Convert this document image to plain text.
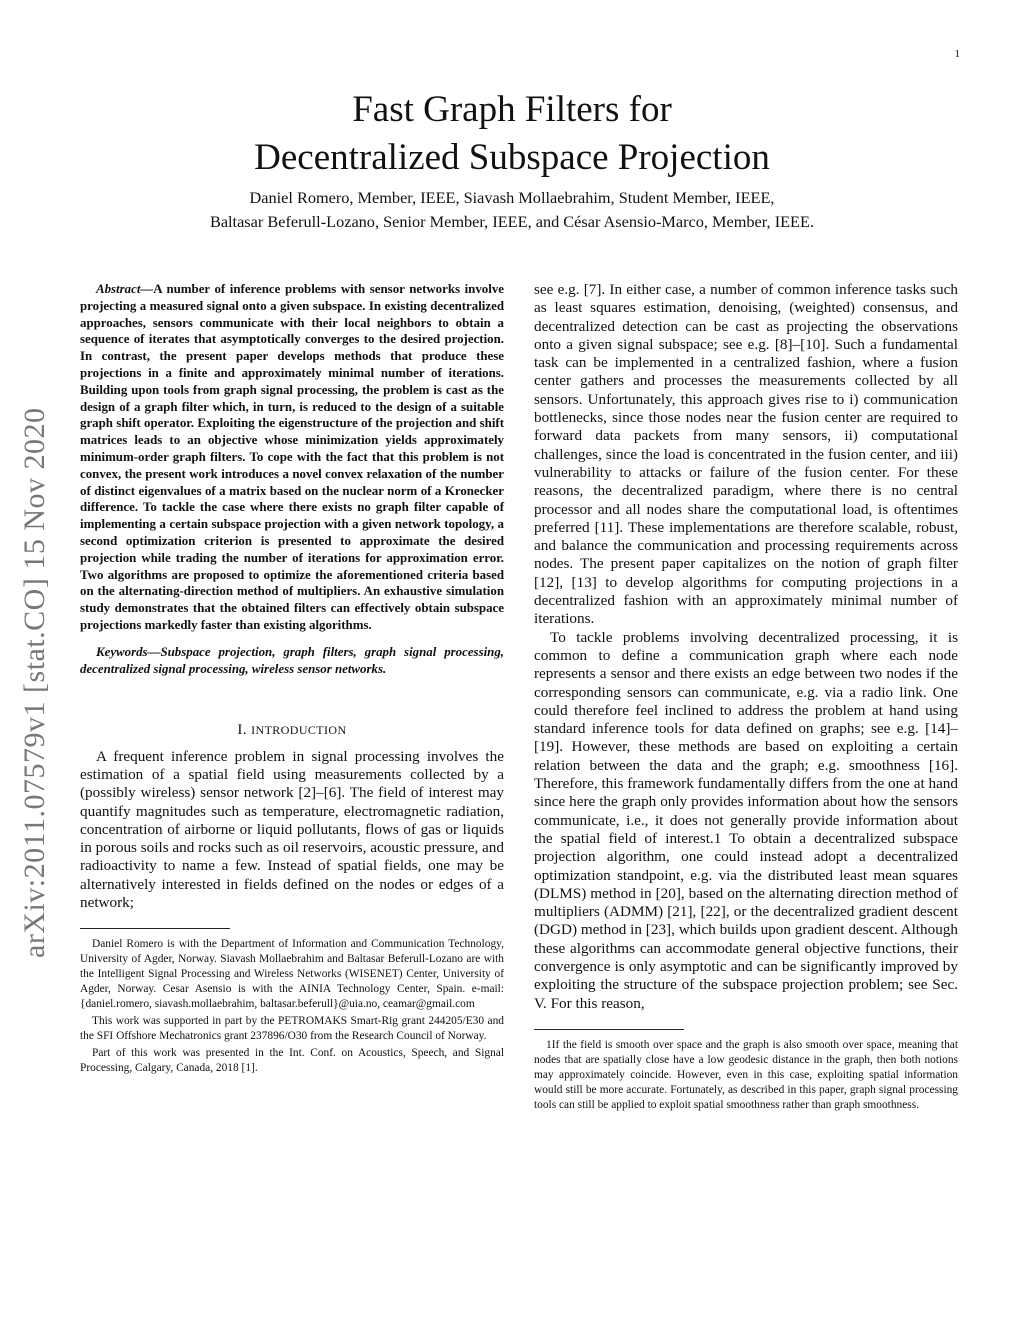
1
arXiv:2011.07579v1 [stat.CO] 15 Nov 2020
Fast Graph Filters for
Decentralized Subspace Projection
Daniel Romero, Member, IEEE, Siavash Mollaebrahim, Student Member, IEEE,
Baltasar Beferull-Lozano, Senior Member, IEEE, and César Asensio-Marco, Member, IEEE.

Abstract—A number of inference problems with sensor networks involve projecting a measured signal onto a given subspace. In existing decentralized approaches, sensors communicate with their local neighbors to obtain a sequence of iterates that asymptotically converges to the desired projection. In contrast, the present paper develops methods that produce these projections in a finite and approximately minimal number of iterations. Building upon tools from graph signal processing, the problem is cast as the design of a graph filter which, in turn, is reduced to the design of a suitable graph shift operator. Exploiting the eigenstructure of the projection and shift matrices leads to an objective whose minimization yields approximately minimum-order graph filters. To cope with the fact that this problem is not convex, the present work introduces a novel convex relaxation of the number of distinct eigenvalues of a matrix based on the nuclear norm of a Kronecker difference. To tackle the case where there exists no graph filter capable of implementing a certain subspace projection with a given network topology, a second optimization criterion is presented to approximate the desired projection while trading the number of iterations for approximation error. Two algorithms are proposed to optimize the aforementioned criteria based on the alternating-direction method of multipliers. An exhaustive simulation study demonstrates that the obtained filters can effectively obtain subspace projections markedly faster than existing algorithms.

Keywords—Subspace projection, graph filters, graph signal processing, decentralized signal processing, wireless sensor networks.

I. INTRODUCTION

A frequent inference problem in signal processing involves the estimation of a spatial field using measurements collected by a (possibly wireless) sensor network [2]–[6]. The field of interest may quantify magnitudes such as temperature, electromagnetic radiation, concentration of airborne or liquid pollutants, flows of gas or liquids in porous soils and rocks such as oil reservoirs, acoustic pressure, and radioactivity to name a few. Instead of spatial fields, one may be alternatively interested in fields defined on the nodes or edges of a network;

Daniel Romero is with the Department of Information and Communication Technology, University of Agder, Norway. Siavash Mollaebrahim and Baltasar Beferull-Lozano are with the Intelligent Signal Processing and Wireless Networks (WISENET) Center, University of Agder, Norway. Cesar Asensio is with the AINIA Technology Center, Spain. e-mail:{daniel.romero, siavash.mollaebrahim, baltasar.beferull}@uia.no, ceamar@gmail.com

This work was supported in part by the PETROMAKS Smart-Rig grant 244205/E30 and the SFI Offshore Mechatronics grant 237896/O30 from the Research Council of Norway.

Part of this work was presented in the Int. Conf. on Acoustics, Speech, and Signal Processing, Calgary, Canada, 2018 [1].

see e.g. [7]. In either case, a number of common inference tasks such as least squares estimation, denoising, (weighted) consensus, and decentralized detection can be cast as projecting the observations onto a given signal subspace; see e.g. [8]–[10]. Such a fundamental task can be implemented in a centralized fashion, where a fusion center gathers and processes the measurements collected by all sensors. Unfortunately, this approach gives rise to i) communication bottlenecks, since those nodes near the fusion center are required to forward data packets from many sensors, ii) computational challenges, since the load is concentrated in the fusion center, and iii) vulnerability to attacks or failure of the fusion center. For these reasons, the decentralized paradigm, where there is no central processor and all nodes share the computational load, is oftentimes preferred [11]. These implementations are therefore scalable, robust, and balance the communication and processing requirements across nodes. The present paper capitalizes on the notion of graph filter [12], [13] to develop algorithms for computing projections in a decentralized fashion with an approximately minimal number of iterations.

To tackle problems involving decentralized processing, it is common to define a communication graph where each node represents a sensor and there exists an edge between two nodes if the corresponding sensors can communicate, e.g. via a radio link. One could therefore feel inclined to address the problem at hand using standard inference tools for data defined on graphs; see e.g. [14]–[19]. However, these methods are based on exploiting a certain relation between the data and the graph; e.g. smoothness [16]. Therefore, this framework fundamentally differs from the one at hand since here the graph only provides information about how the sensors communicate, i.e., it does not generally provide information about the spatial field of interest.1 To obtain a decentralized subspace projection algorithm, one could instead adopt a decentralized optimization standpoint, e.g. via the distributed least mean squares (DLMS) method in [20], based on the alternating direction method of multipliers (ADMM) [21], [22], or the decentralized gradient descent (DGD) method in [23], which builds upon gradient descent. Although these algorithms can accommodate general objective functions, their convergence is only asymptotic and can be significantly improved by exploiting the structure of the subspace projection problem; see Sec. V. For this reason,

1If the field is smooth over space and the graph is also smooth over space, meaning that nodes that are spatially close have a low geodesic distance in the graph, then both notions may approximately coincide. However, even in this case, exploiting spatial information would still be more accurate. Fortunately, as described in this paper, graph signal processing tools can still be applied to exploit spatial smoothness rather than graph smoothness.
